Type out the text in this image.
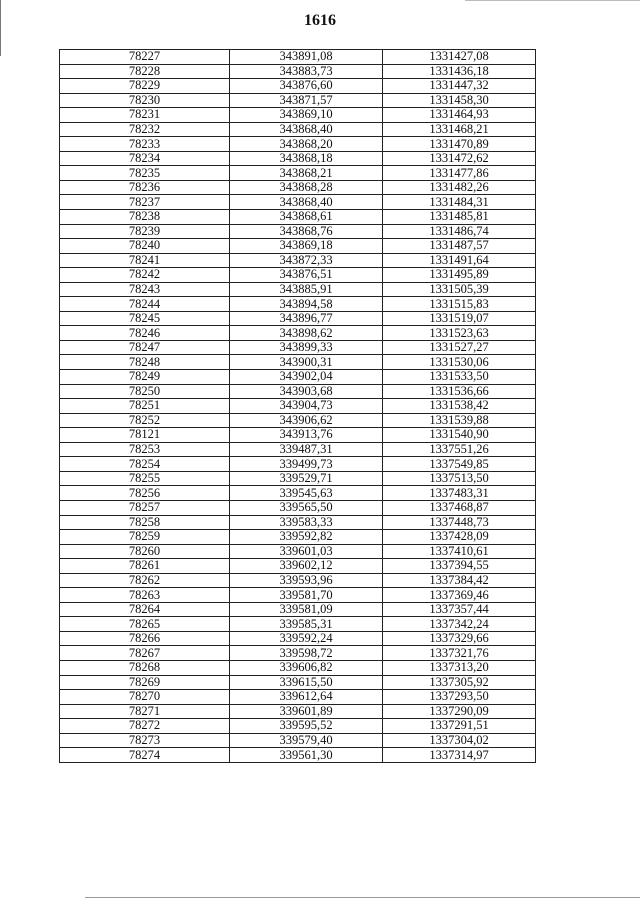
1616
78227	343891,08	1331427,08
78228	343883,73	1331436,18
78229	343876,60	1331447,32
78230	343871,57	1331458,30
78231	343869,10	1331464,93
78232	343868,40	1331468,21
78233	343868,20	1331470,89
78234	343868,18	1331472,62
78235	343868,21	1331477,86
78236	343868,28	1331482,26
78237	343868,40	1331484,31
78238	343868,61	1331485,81
78239	343868,76	1331486,74
78240	343869,18	1331487,57
78241	343872,33	1331491,64
78242	343876,51	1331495,89
78243	343885,91	1331505,39
78244	343894,58	1331515,83
78245	343896,77	1331519,07
78246	343898,62	1331523,63
78247	343899,33	1331527,27
78248	343900,31	1331530,06
78249	343902,04	1331533,50
78250	343903,68	1331536,66
78251	343904,73	1331538,42
78252	343906,62	1331539,88
78121	343913,76	1331540,90
78253	339487,31	1337551,26
78254	339499,73	1337549,85
78255	339529,71	1337513,50
78256	339545,63	1337483,31
78257	339565,50	1337468,87
78258	339583,33	1337448,73
78259	339592,82	1337428,09
78260	339601,03	1337410,61
78261	339602,12	1337394,55
78262	339593,96	1337384,42
78263	339581,70	1337369,46
78264	339581,09	1337357,44
78265	339585,31	1337342,24
78266	339592,24	1337329,66
78267	339598,72	1337321,76
78268	339606,82	1337313,20
78269	339615,50	1337305,92
78270	339612,64	1337293,50
78271	339601,89	1337290,09
78272	339595,52	1337291,51
78273	339579,40	1337304,02
78274	339561,30	1337314,97
